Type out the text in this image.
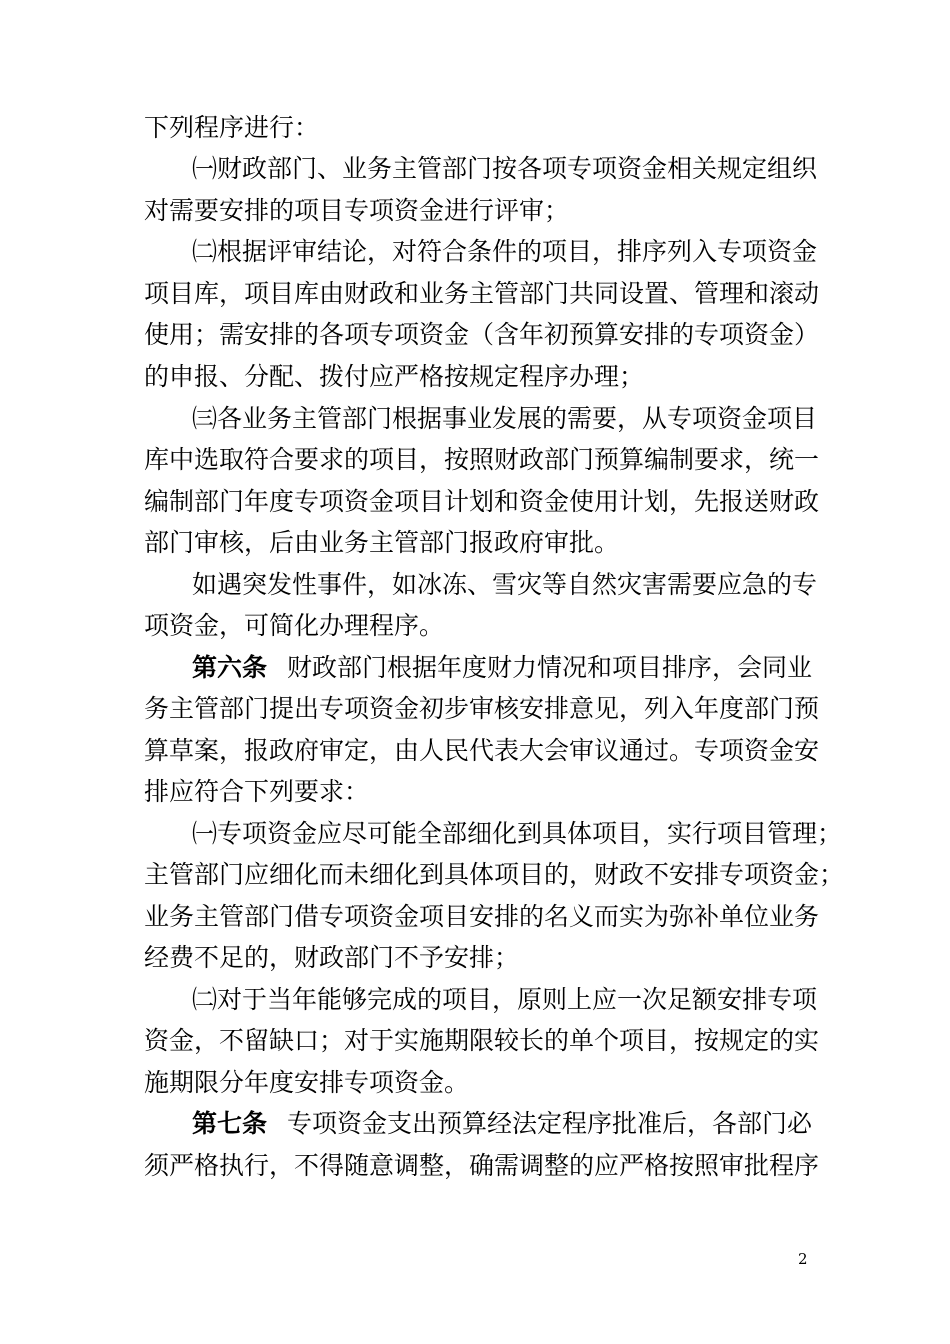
下列程序进行：
㈠财政部门、业务主管部门按各项专项资金相关规定组织
对需要安排的项目专项资金进行评审；
㈡根据评审结论，对符合条件的项目，排序列入专项资金
项目库，项目库由财政和业务主管部门共同设置、管理和滚动
使用；需安排的各项专项资金（含年初预算安排的专项资金）
的申报、分配、拨付应严格按规定程序办理；
㈢各业务主管部门根据事业发展的需要，从专项资金项目
库中选取符合要求的项目，按照财政部门预算编制要求，统一
编制部门年度专项资金项目计划和资金使用计划，先报送财政
部门审核，后由业务主管部门报政府审批。
如遇突发性事件，如冰冻、雪灾等自然灾害需要应急的专
项资金，可简化办理程序。
第六条 财政部门根据年度财力情况和项目排序，会同业
务主管部门提出专项资金初步审核安排意见，列入年度部门预
算草案，报政府审定，由人民代表大会审议通过。专项资金安
排应符合下列要求：
㈠专项资金应尽可能全部细化到具体项目，实行项目管理；
主管部门应细化而未细化到具体项目的，财政不安排专项资金；
业务主管部门借专项资金项目安排的名义而实为弥补单位业务
经费不足的，财政部门不予安排；
㈡对于当年能够完成的项目，原则上应一次足额安排专项
资金，不留缺口；对于实施期限较长的单个项目，按规定的实
施期限分年度安排专项资金。
第七条 专项资金支出预算经法定程序批准后，各部门必
须严格执行，不得随意调整，确需调整的应严格按照审批程序
2
